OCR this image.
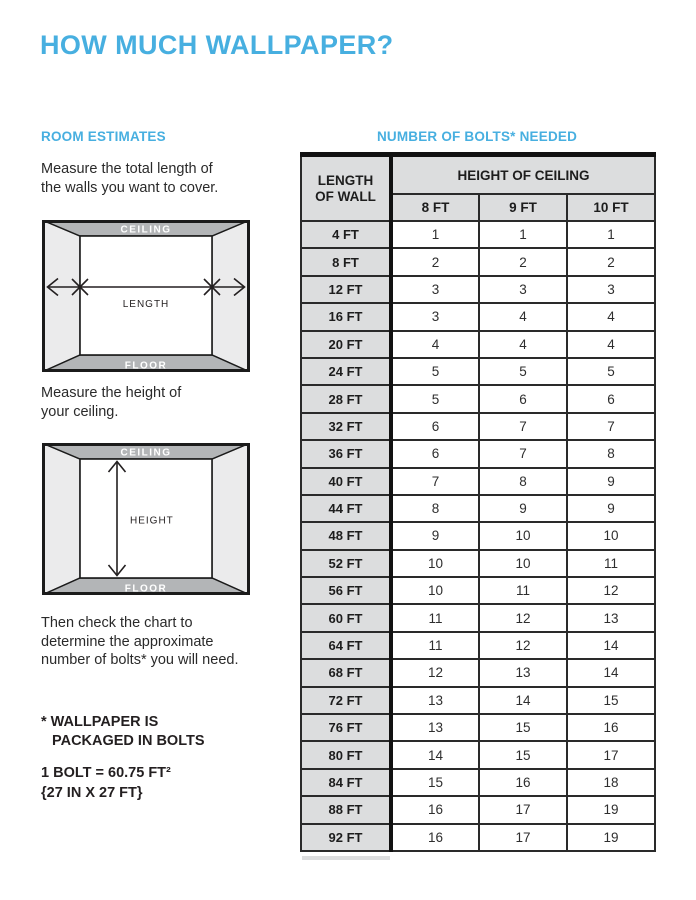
HOW MUCH WALLPAPER?
ROOM ESTIMATES	NUMBER OF BOLTS* NEEDED

Measure the total length of
the walls you want to cover.

CEILING
FLOOR
LENGTH

Measure the height of
your ceiling.

CEILING
FLOOR
HEIGHT

Then check the chart to
determine the approximate
number of bolts* you will need.

* WALLPAPER IS
PACKAGED IN BOLTS

1 BOLT = 60.75 FT²
{27 IN X 27 FT}

LENGTH
OF WALL	HEIGHT OF CEILING		
	8 FT	9 FT	10 FT
4 FT	1	1	1
8 FT	2	2	2
12 FT	3	3	3
16 FT	3	4	4
20 FT	4	4	4
24 FT	5	5	5
28 FT	5	6	6
32 FT	6	7	7
36 FT	6	7	8
40 FT	7	8	9
44 FT	8	9	9
48 FT	9	10	10
52 FT	10	10	11
56 FT	10	11	12
60 FT	11	12	13
64 FT	11	12	14
68 FT	12	13	14
72 FT	13	14	15
76 FT	13	15	16
80 FT	14	15	17
84 FT	15	16	18
88 FT	16	17	19
92 FT	16	17	19
